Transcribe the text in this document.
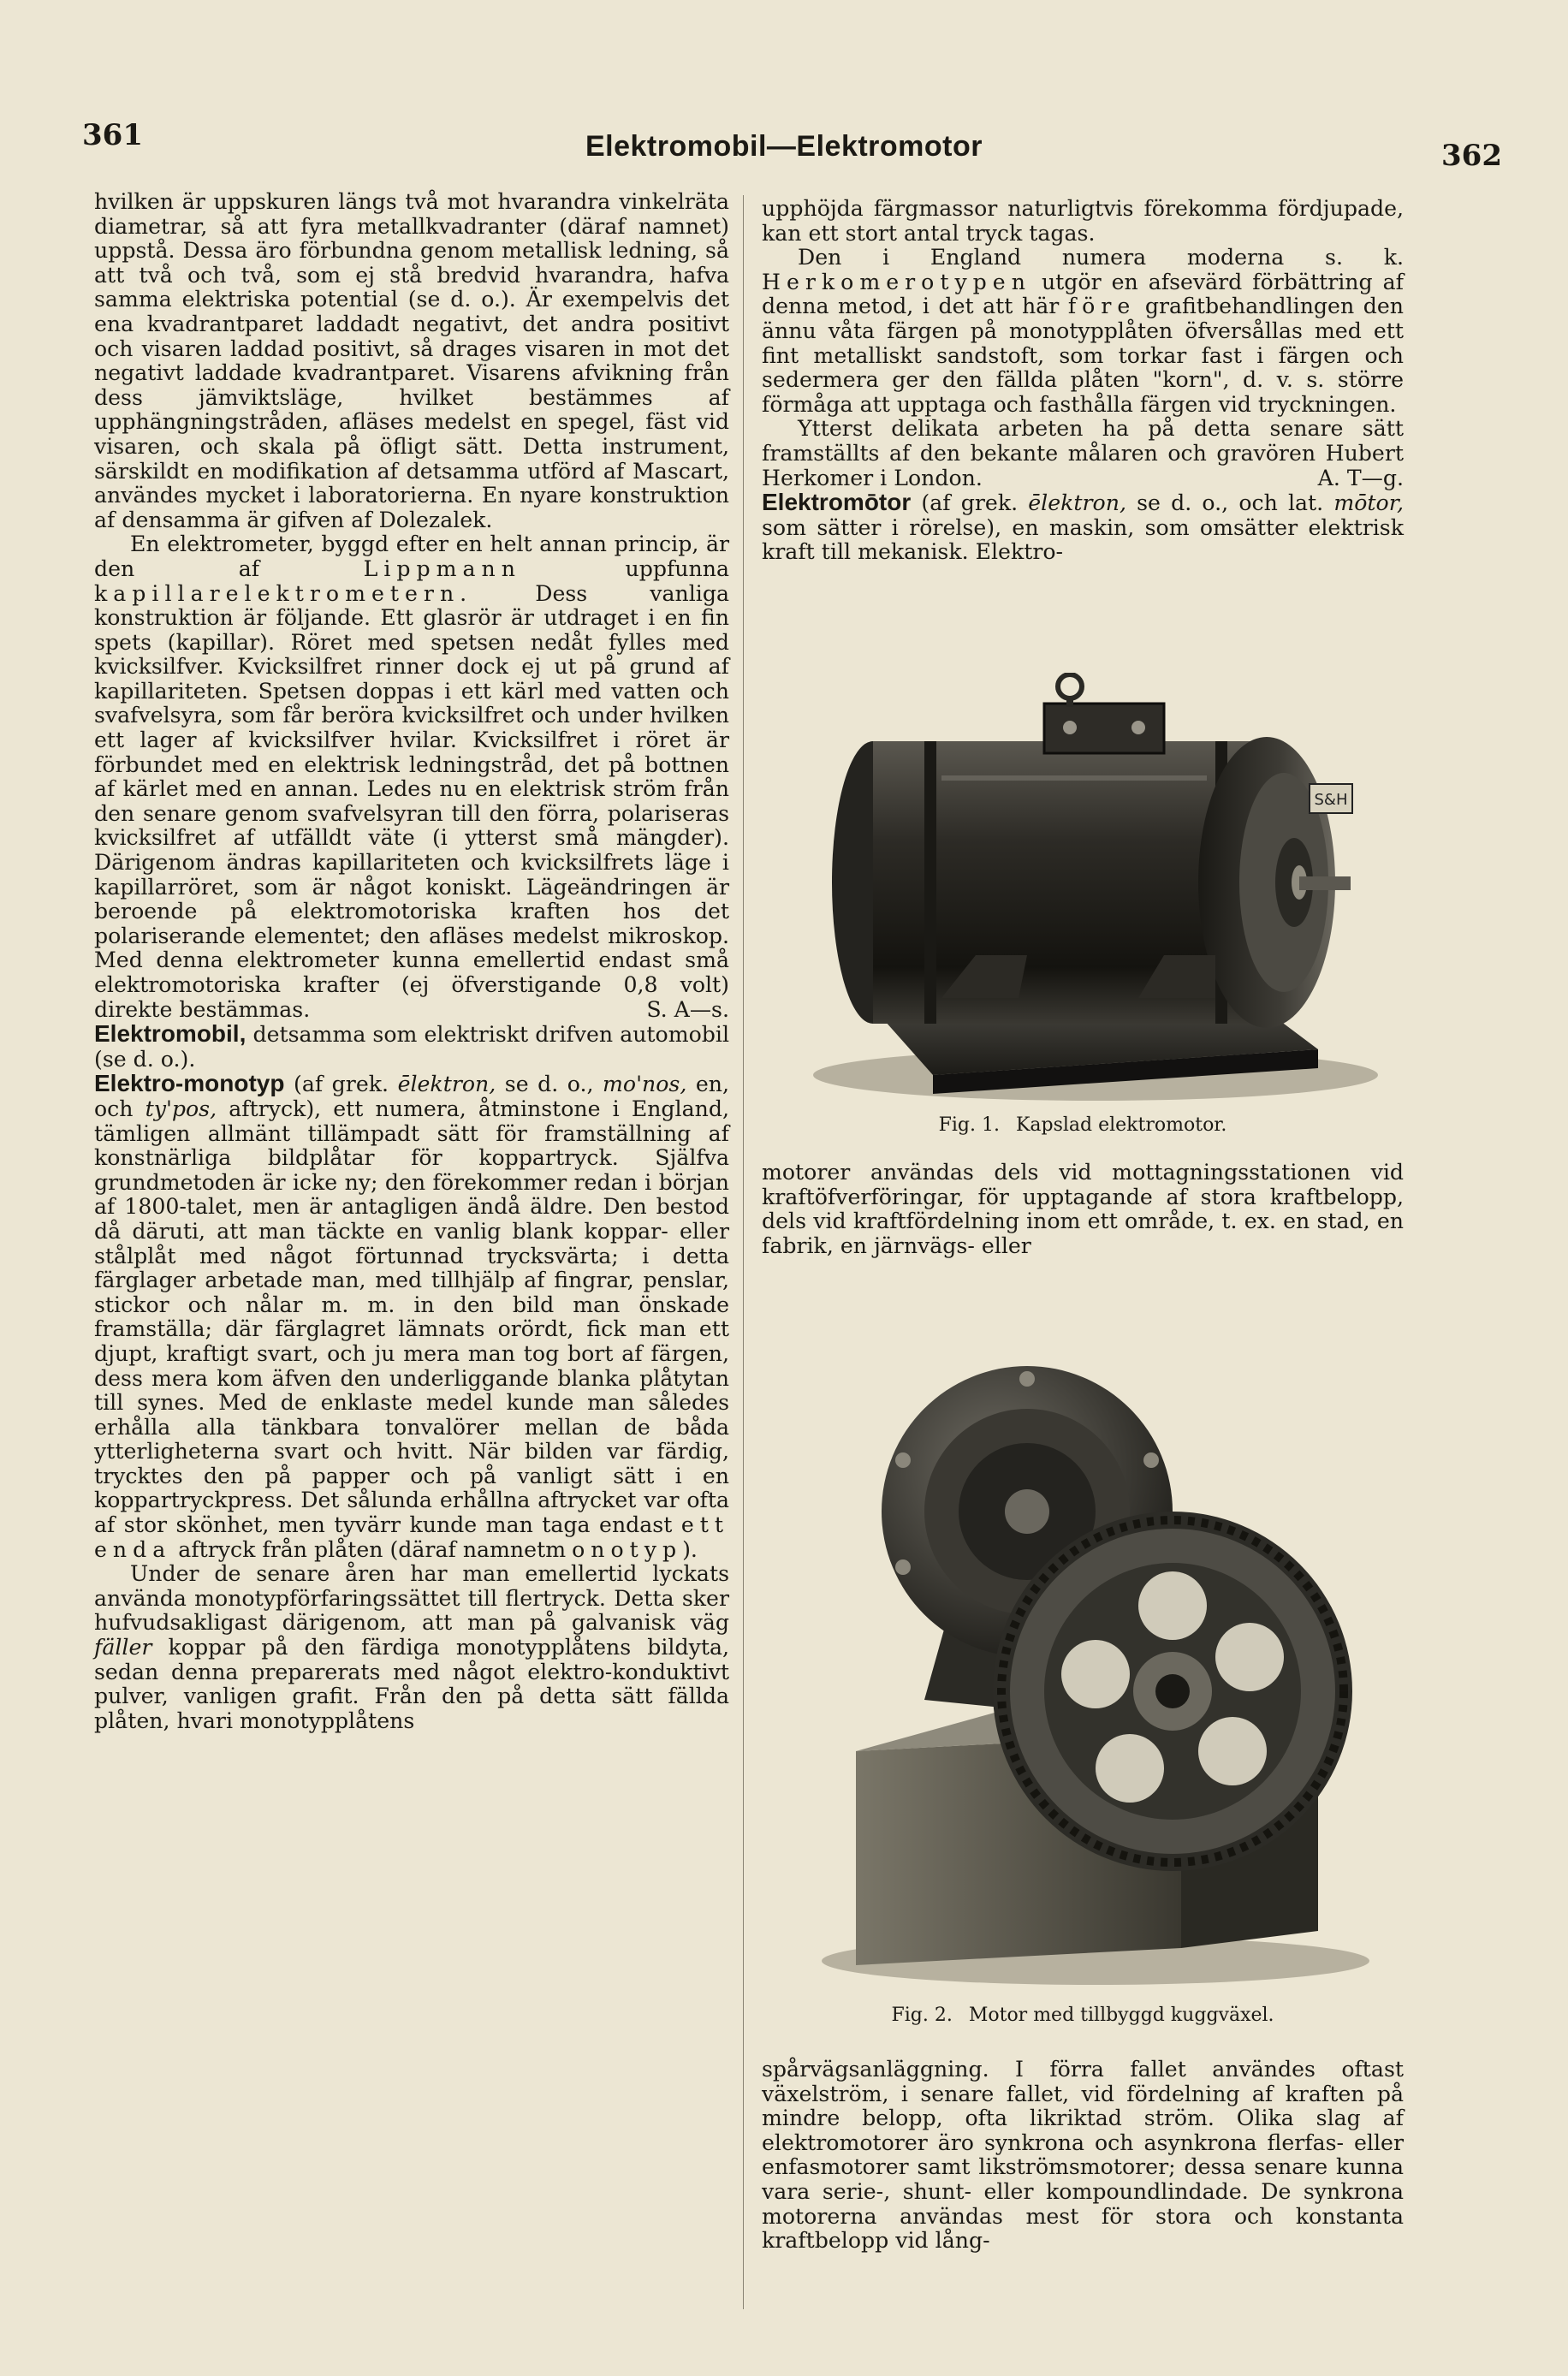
361	Elektromobil—Elektromotor	362

hvilken är uppskuren längs två mot hvarandra vinkelräta diametrar, så att fyra metallkvadranter (däraf namnet) uppstå. Dessa äro förbundna genom metallisk ledning, så att två och två, som ej stå bredvid hvarandra, hafva samma elektriska potential (se d. o.). Är exempelvis det ena kvadrantparet laddadt negativt, det andra positivt och visaren laddad positivt, så drages visaren in mot det negativt laddade kvadrantparet. Visarens afvikning från dess jämviktsläge, hvilket bestämmes af upphängningstråden, afläses medelst en spegel, fäst vid visaren, och skala på öfligt sätt. Detta instrument, särskildt en modifikation af detsamma utförd af Mascart, användes mycket i laboratorierna. En nyare konstruktion af densamma är gifven af Dolezalek.

En elektrometer, byggd efter en helt annan princip, är den af	Lippmann	uppfunna kapillarelektrometern.	Dess vanliga konstruktion är följande. Ett glasrör är utdraget i en fin spets (kapillar). Röret med spetsen nedåt fylles med kvicksilfver. Kvicksilfret rinner dock ej ut på grund af kapillariteten. Spetsen doppas i ett kärl med vatten och svafvelsyra, som får beröra kvicksilfret och under hvilken ett lager af kvicksilfver hvilar. Kvicksilfret i röret är förbundet med en elektrisk ledningstråd, det på bottnen af kärlet med en annan. Ledes nu en elektrisk ström från den senare genom svafvelsyran till den förra, polariseras kvicksilfret af utfälldt väte (i ytterst små mängder). Därigenom ändras kapillariteten och kvicksilfrets läge i kapillarröret, som är något koniskt. Lägeändringen är beroende på elektromotoriska kraften hos det polariserande elementet; den afläses medelst mikroskop. Med denna elektrometer kunna emellertid endast små elektromotoriska krafter (ej öfverstigande 0,8 volt) direkte bestämmas.	S. A—s.

Elektromobil, detsamma som elektriskt drifven automobil (se d. o.).

Elektro-monotyp (af grek. ēlektron, se d. o., mo'nos, en, och ty'pos, aftryck), ett numera, åtminstone i England, tämligen allmänt tillämpadt sätt för framställning af konstnärliga bildplåtar för koppartryck. Själfva grundmetoden är icke ny; den förekommer redan i början af 1800-talet, men är antagligen ändå äldre. Den bestod då däruti, att man täckte en vanlig blank koppar- eller stålplåt med något förtunnad trycksvärta; i detta färglager arbetade man, med tillhjälp af fingrar, penslar, stickor och nålar m. m. in den bild man önskade framställa; där färglagret lämnats orördt, fick man ett djupt, kraftigt svart, och ju mera man tog bort af färgen, dess mera kom äfven den underliggande blanka plåtytan till synes. Med de enklaste medel kunde man således erhålla alla tänkbara tonvalörer mellan de båda ytterligheterna svart och hvitt. När bilden var färdig, trycktes den på papper och på vanligt sätt i en koppartryckpress. Det sålunda erhållna aftrycket var ofta af stor skönhet, men tyvärr kunde man taga endast ett enda aftryck från plåten (däraf namnetmonotyp).

Under de senare åren har man emellertid lyckats använda monotypförfaringssättet till flertryck. Detta sker hufvudsakligast därigenom, att man på galvanisk väg fäller koppar på den färdiga monotypplåtens bildyta, sedan denna preparerats med något elektro-konduktivt pulver, vanligen grafit. Från den på detta sätt fällda plåten, hvari monotypplåtens

upphöjda färgmassor naturligtvis förekomma fördjupade, kan ett stort antal tryck tagas.

Den i England numera moderna s. k. Herkomerotypen utgör en afsevärd förbättring af denna metod, i det att här före grafitbehandlingen den ännu våta färgen på monotypplåten öfversållas med ett fint metalliskt sandstoft, som torkar fast i färgen och sedermera ger den fällda plåten "korn", d. v. s. större förmåga att upptaga och fasthålla färgen vid tryckningen.

Ytterst delikata arbeten ha på detta senare sätt framställts af den bekante målaren och gravören Hubert Herkomer i London.	A. T—g.

Elektromōtor (af grek. ēlektron, se d. o., och lat. mōtor, som sätter i rörelse), en maskin, som omsätter elektrisk kraft till mekanisk. Elektro-

S&H
Fig. 1. Kapslad elektromotor.

motorer användas dels vid mottagningsstationen vid kraftöfverföringar, för upptagande af stora kraftbelopp, dels vid kraftfördelning inom ett område, t. ex. en stad, en fabrik, en järnvägs- eller

Fig. 2. Motor med tillbyggd kuggväxel.

spårvägsanläggning. I förra fallet användes oftast växelström, i senare fallet, vid fördelning af kraften på mindre belopp, ofta likriktad ström. Olika slag af elektromotorer äro synkrona och asynkrona flerfas- eller enfasmotorer samt likströmsmotorer; dessa senare kunna vara serie-, shunt- eller kompoundlindade. De synkrona motorerna användas mest för stora och konstanta kraftbelopp vid lång-
